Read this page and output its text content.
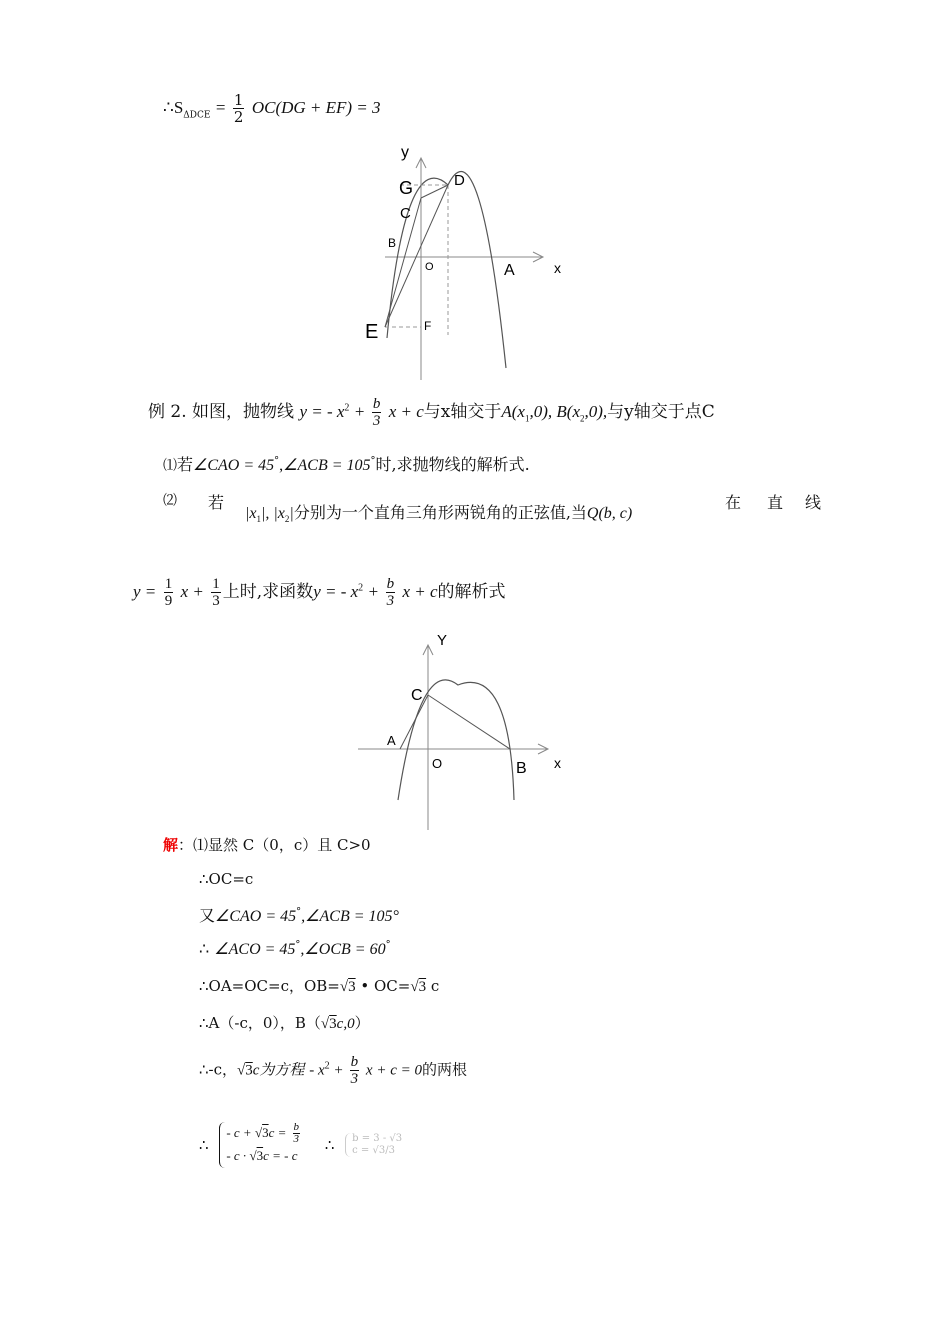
$\therefore S_{\Delta DCE} = \frac{1}{2} OC(DG + EF) = 3$
y
G	D
C
B
O	A	x
E	F
例 2. 如图，抛物线 y = - $x^2 + \frac{b}{3}$ x + c与x轴交于$A(x_1,0)$, $B(x_2,0)$,与y轴交于点C
⑴若∠CAO = 45°,∠ACB = 105°时,求抛物线的解析式.
⑵ 若
$|x_1|$, $|x_2|$分别为一个直角三角形两锐角的正弦值,当Q(b, c)
在 直 线
$y = \frac{1}{9}$ $x + \frac{1}{3}$ 上时,求函数y = - $x^2 + \frac{b}{3}$ x + c的解析式
Y
C
A
O	B x
解：⑴显然 C（0，c）且 C>0
∴OC=c
又∠CAO = 45°,∠ACB = 105°
∴ ∠ACO = 45°,∠OCB = 60°
∴OA=OC=c，OB=√3 • OC=√3 c
∴A（-c，0），B（√3c,0）
∴-c，√3c为方程 - $x^2 + \frac{b}{3}$ x + c = 0的两根
∴
- $c + √3c = \frac{b}{3}$
- c · √3c = - c
∴ b = 3 - √3
c = √3/3
